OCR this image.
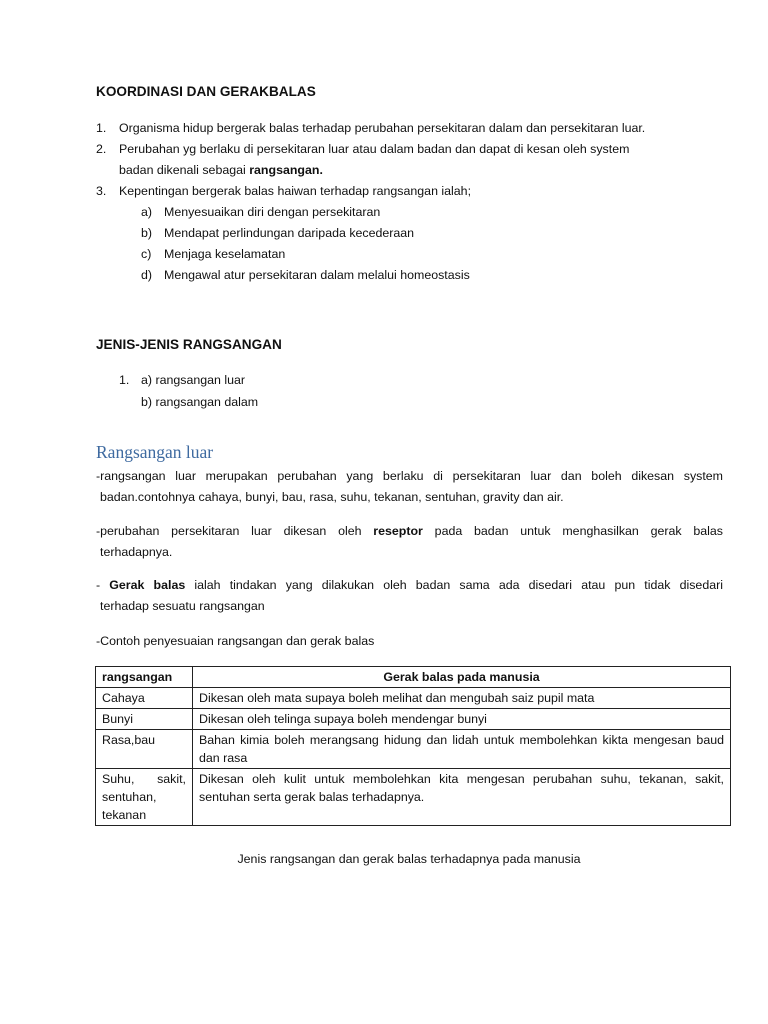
KOORDINASI DAN GERAKBALAS
1. Organisma hidup bergerak balas terhadap perubahan persekitaran dalam dan persekitaran luar.
2. Perubahan yg berlaku di persekitaran luar atau dalam badan dan dapat di kesan oleh system
badan dikenali sebagai rangsangan.
3. Kepentingan bergerak balas haiwan terhadap rangsangan ialah;
a) Menyesuaikan diri dengan persekitaran
b) Mendapat perlindungan daripada kecederaan
c) Menjaga keselamatan
d) Mengawal atur persekitaran dalam melalui homeostasis
JENIS-JENIS RANGSANGAN
1. a) rangsangan luar
b) rangsangan dalam
Rangsangan luar
-rangsangan luar merupakan perubahan yang berlaku di persekitaran luar dan boleh dikesan system
badan.contohnya cahaya, bunyi, bau, rasa, suhu, tekanan, sentuhan, gravity dan air.
-perubahan persekitaran luar dikesan oleh reseptor pada badan untuk menghasilkan gerak balas
terhadapnya.
- Gerak balas ialah tindakan yang dilakukan oleh badan sama ada disedari atau pun tidak disedari
terhadap sesuatu rangsangan
-Contoh penyesuaian rangsangan dan gerak balas
rangsangan	Gerak balas pada manusia
Cahaya	Dikesan oleh mata supaya boleh melihat dan mengubah saiz pupil mata
Bunyi	Dikesan oleh telinga supaya boleh mendengar bunyi
Rasa,bau	Bahan kimia boleh merangsang hidung dan lidah untuk membolehkan kikta mengesan baud dan rasa
Suhu, sakit, sentuhan, tekanan	Dikesan oleh kulit untuk membolehkan kita mengesan perubahan suhu, tekanan, sakit, sentuhan serta gerak balas terhadapnya.
Jenis rangsangan dan gerak balas terhadapnya pada manusia
